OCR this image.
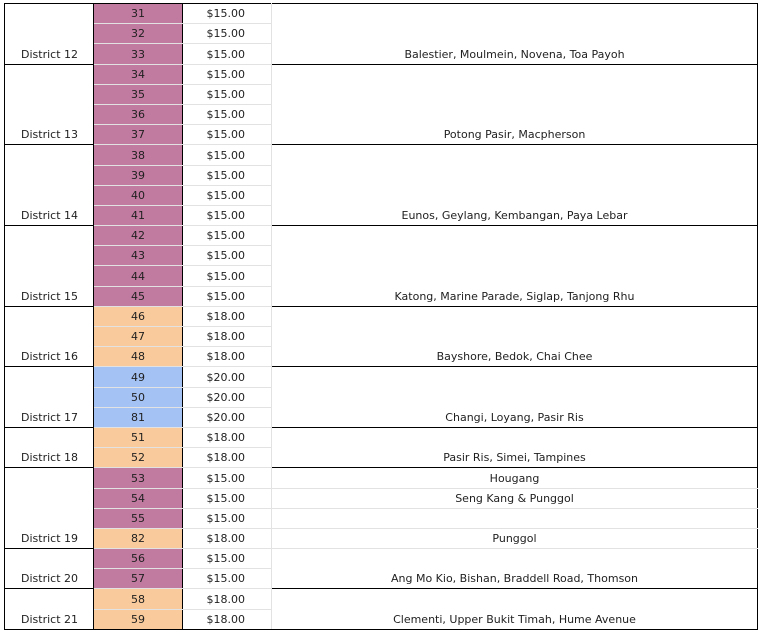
	31	$15.00	
	32	$15.00	
District 12	33	$15.00	Balestier, Moulmein, Novena, Toa Payoh
	34	$15.00	
	35	$15.00	
	36	$15.00	
District 13	37	$15.00	Potong Pasir, Macpherson
	38	$15.00	
	39	$15.00	
	40	$15.00	
District 14	41	$15.00	Eunos, Geylang, Kembangan, Paya Lebar
	42	$15.00	
	43	$15.00	
	44	$15.00	
District 15	45	$15.00	Katong, Marine Parade, Siglap, Tanjong Rhu
	46	$18.00	
	47	$18.00	
District 16	48	$18.00	Bayshore, Bedok, Chai Chee
	49	$20.00	
	50	$20.00	
District 17	81	$20.00	Changi, Loyang, Pasir Ris
	51	$18.00	
District 18	52	$18.00	Pasir Ris, Simei, Tampines
	53	$15.00	Hougang
	54	$15.00	Seng Kang & Punggol
	55	$15.00	
District 19	82	$18.00	Punggol
	56	$15.00	
District 20	57	$15.00	Ang Mo Kio, Bishan, Braddell Road, Thomson
	58	$18.00	
District 21	59	$18.00	Clementi, Upper Bukit Timah, Hume Avenue
